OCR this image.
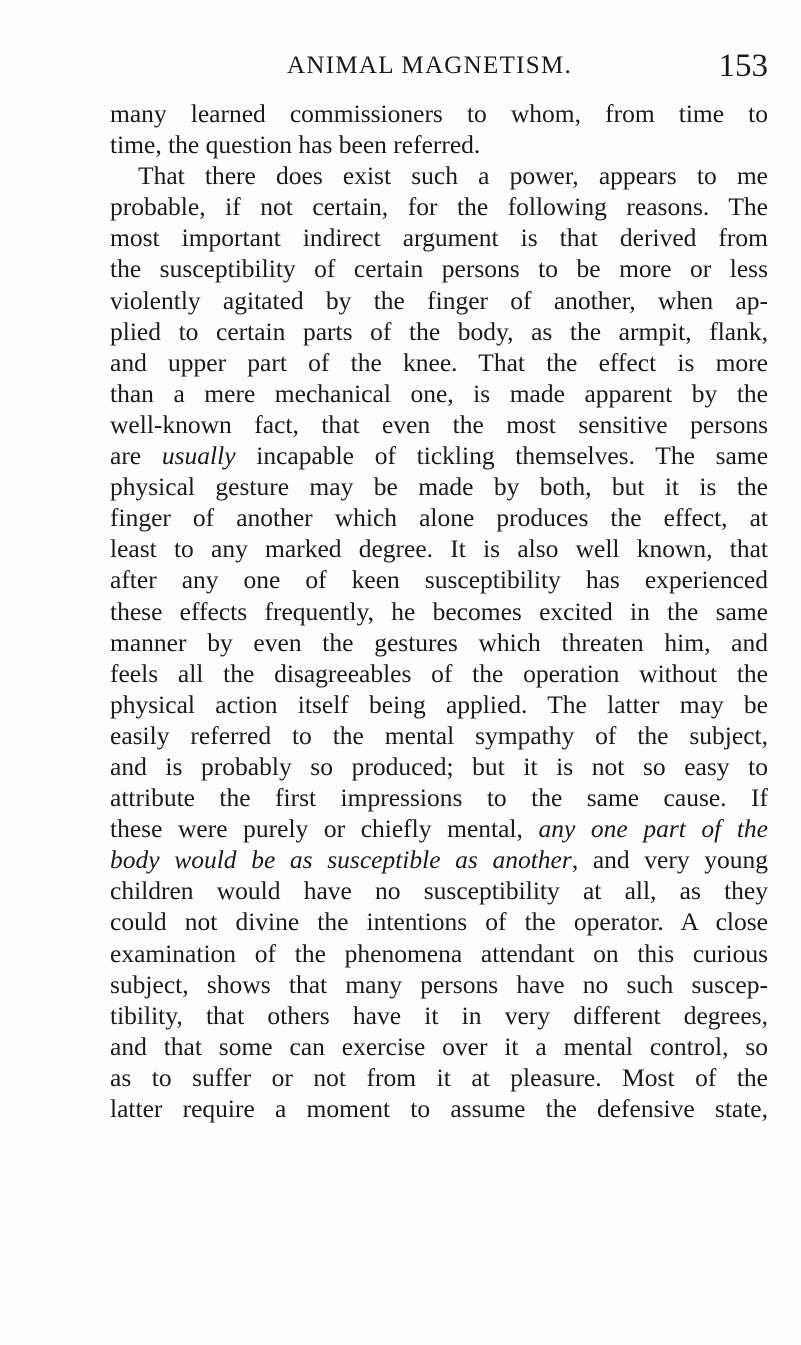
ANIMAL MAGNETISM.	153
many learned commissioners to whom, from time to
time, the question has been referred.
That there does exist such a power, appears to me
probable, if not certain, for the following reasons. The
most important indirect argument is that derived from
the susceptibility of certain persons to be more or less
violently agitated by the finger of another, when ap-
plied to certain parts of the body, as the armpit, flank,
and upper part of the knee. That the effect is more
than a mere mechanical one, is made apparent by the
well-known fact, that even the most sensitive persons
are usually incapable of tickling themselves. The same
physical gesture may be made by both, but it is the
finger of another which alone produces the effect, at
least to any marked degree. It is also well known, that
after any one of keen susceptibility has experienced
these effects frequently, he becomes excited in the same
manner by even the gestures which threaten him, and
feels all the disagreeables of the operation without the
physical action itself being applied. The latter may be
easily referred to the mental sympathy of the subject,
and is probably so produced; but it is not so easy to
attribute the first impressions to the same cause. If
these were purely or chiefly mental, any one part of the
body would be as susceptible as another, and very young
children would have no susceptibility at all, as they
could not divine the intentions of the operator. A close
examination of the phenomena attendant on this curious
subject, shows that many persons have no such suscep-
tibility, that others have it in very different degrees,
and that some can exercise over it a mental control, so
as to suffer or not from it at pleasure. Most of the
latter require a moment to assume the defensive state,
